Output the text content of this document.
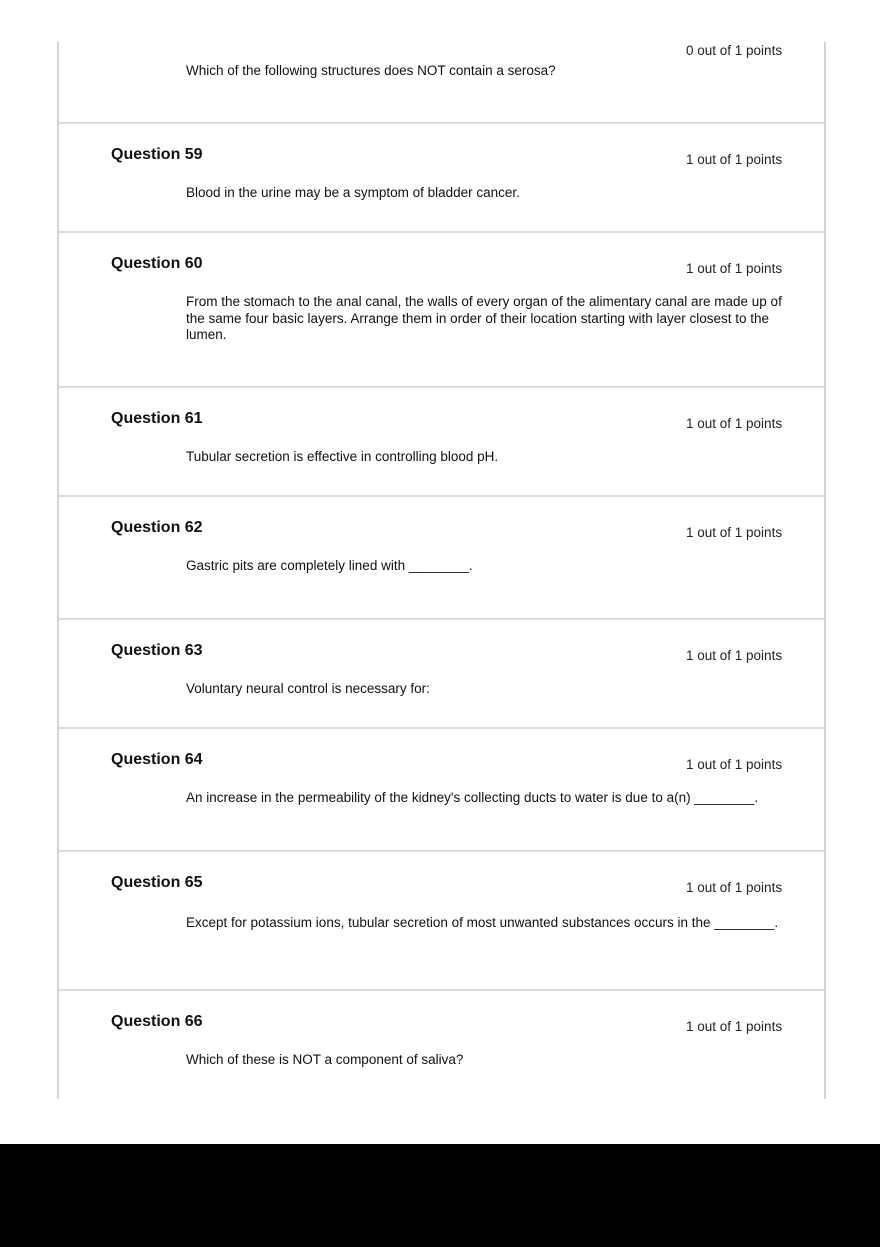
0 out of 1 points
Which of the following structures does NOT contain a serosa?
Question 59	1 out of 1 points
Blood in the urine may be a symptom of bladder cancer.
Question 60	1 out of 1 points
From the stomach to the anal canal, the walls of every organ of the alimentary canal are made up of the same four basic layers. Arrange them in order of their location starting with layer closest to the lumen.
Question 61	1 out of 1 points
Tubular secretion is effective in controlling blood pH.
Question 62	1 out of 1 points
Gastric pits are completely lined with ________.
Question 63	1 out of 1 points
Voluntary neural control is necessary for:
Question 64	1 out of 1 points
An increase in the permeability of the kidney's collecting ducts to water is due to a(n) ________.
Question 65	1 out of 1 points
Except for potassium ions, tubular secretion of most unwanted substances occurs in the ________.
Question 66	1 out of 1 points
Which of these is NOT a component of saliva?
